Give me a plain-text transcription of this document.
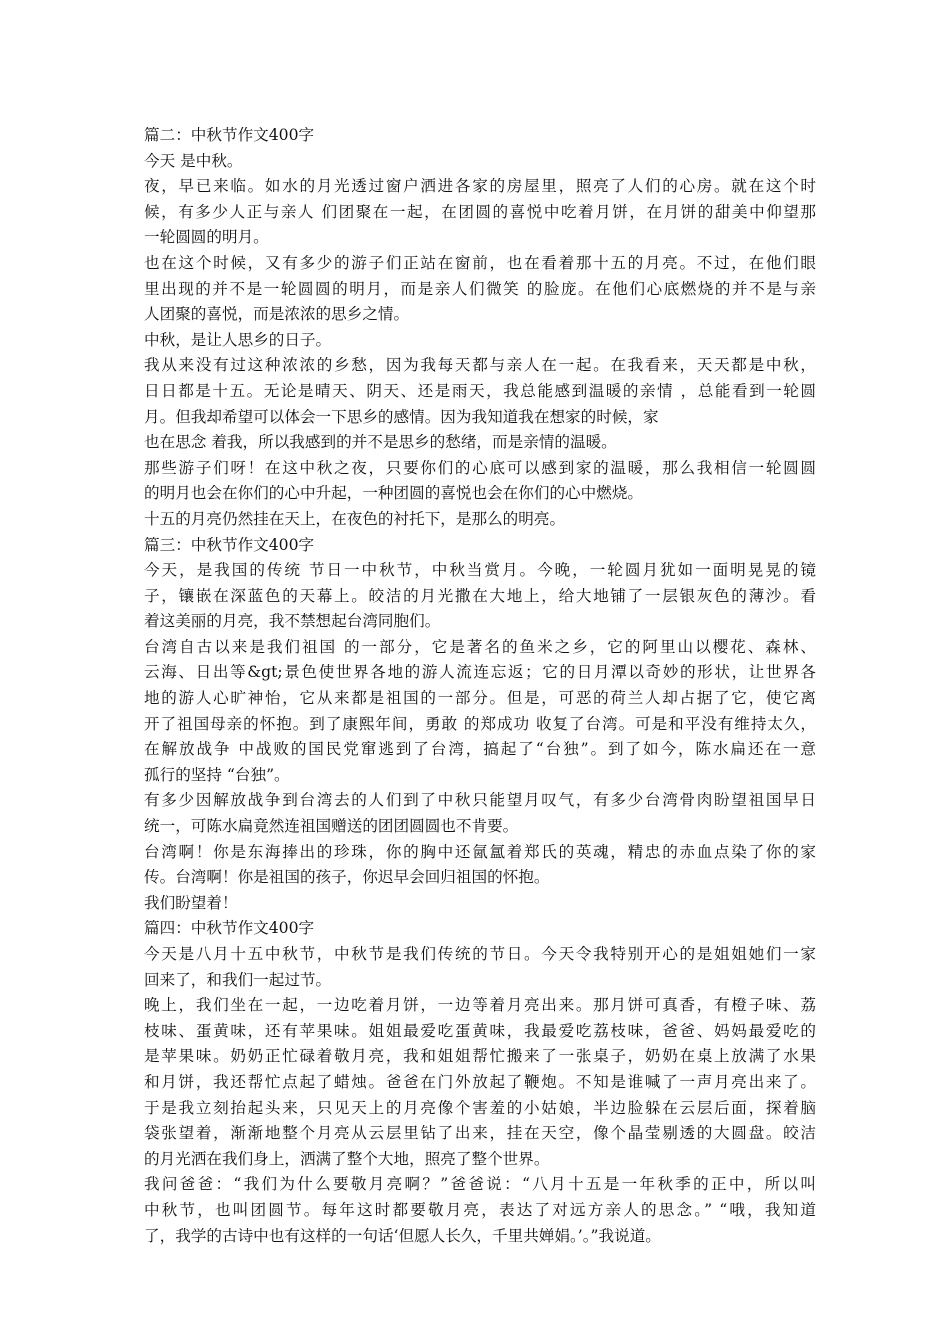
篇二：中秋节作文400字
今天 是中秋。
夜，早已来临。如水的月光透过窗户洒进各家的房屋里，照亮了人们的心房。就在这个时
候，有多少人正与亲人 们团聚在一起，在团圆的喜悦中吃着月饼，在月饼的甜美中仰望那
一轮圆圆的明月。
也在这个时候，又有多少的游子们正站在窗前，也在看着那十五的月亮。不过，在他们眼
里出现的并不是一轮圆圆的明月，而是亲人们微笑 的脸庞。在他们心底燃烧的并不是与亲
人团聚的喜悦，而是浓浓的思乡之情。
中秋，是让人思乡的日子。
我从来没有过这种浓浓的乡愁，因为我每天都与亲人在一起。在我看来，天天都是中秋，
日日都是十五。无论是晴天、阴天、还是雨天，我总能感到温暖的亲情 ，总能看到一轮圆
月。但我却希望可以体会一下思乡的感情。因为我知道我在想家的时候，家
也在思念 着我，所以我感到的并不是思乡的愁绪，而是亲情的温暖。
那些游子们呀！在这中秋之夜，只要你们的心底可以感到家的温暖，那么我相信一轮圆圆
的明月也会在你们的心中升起，一种团圆的喜悦也会在你们的心中燃烧。
十五的月亮仍然挂在天上，在夜色的衬托下，是那么的明亮。
篇三：中秋节作文400字
今天，是我国的传统 节日一中秋节，中秋当赏月。今晚，一轮圆月犹如一面明晃晃的镜
子，镶嵌在深蓝色的天幕上。皎洁的月光撒在大地上，给大地铺了一层银灰色的薄沙。看
着这美丽的月亮，我不禁想起台湾同胞们。
台湾自古以来是我们祖国 的一部分，它是著名的鱼米之乡，它的阿里山以樱花、森林、
云海、日出等&gt;景色使世界各地的游人流连忘返；它的日月潭以奇妙的形状，让世界各
地的游人心旷神怡，它从来都是祖国的一部分。但是，可恶的荷兰人却占据了它，使它离
开了祖国母亲的怀抱。到了康熙年间，勇敢 的郑成功 收复了台湾。可是和平没有维持太久，
在解放战争 中战败的国民党窜逃到了台湾，搞起了“台独”。到了如今，陈水扁还在一意
孤行的坚持 “台独”。
有多少因解放战争到台湾去的人们到了中秋只能望月叹气，有多少台湾骨肉盼望祖国早日
统一，可陈水扁竟然连祖国赠送的团团圆圆也不肯要。
台湾啊！你是东海捧出的珍珠，你的胸中还氤氲着郑氏的英魂，精忠的赤血点染了你的家
传。台湾啊！你是祖国的孩子，你迟早会回归祖国的怀抱。
我们盼望着！
篇四：中秋节作文400字
今天是八月十五中秋节，中秋节是我们传统的节日。今天令我特别开心的是姐姐她们一家
回来了，和我们一起过节。
晚上，我们坐在一起，一边吃着月饼，一边等着月亮出来。那月饼可真香，有橙子味、荔
枝味、蛋黄味，还有苹果味。姐姐最爱吃蛋黄味，我最爱吃荔枝味，爸爸、妈妈最爱吃的
是苹果味。奶奶正忙碌着敬月亮，我和姐姐帮忙搬来了一张桌子，奶奶在桌上放满了水果
和月饼，我还帮忙点起了蜡烛。爸爸在门外放起了鞭炮。不知是谁喊了一声月亮出来了。
于是我立刻抬起头来，只见天上的月亮像个害羞的小姑娘，半边脸躲在云层后面，探着脑
袋张望着，渐渐地整个月亮从云层里钻了出来，挂在天空，像个晶莹剔透的大圆盘。皎洁
的月光洒在我们身上，洒满了整个大地，照亮了整个世界。
我问爸爸：“我们为什么要敬月亮啊？”爸爸说：“八月十五是一年秋季的正中，所以叫
中秋节，也叫团圆节。每年这时都要敬月亮，表达了对远方亲人的思念。” “哦，我知道
了，我学的古诗中也有这样的一句话‘但愿人长久，千里共婵娟。’。”我说道。
